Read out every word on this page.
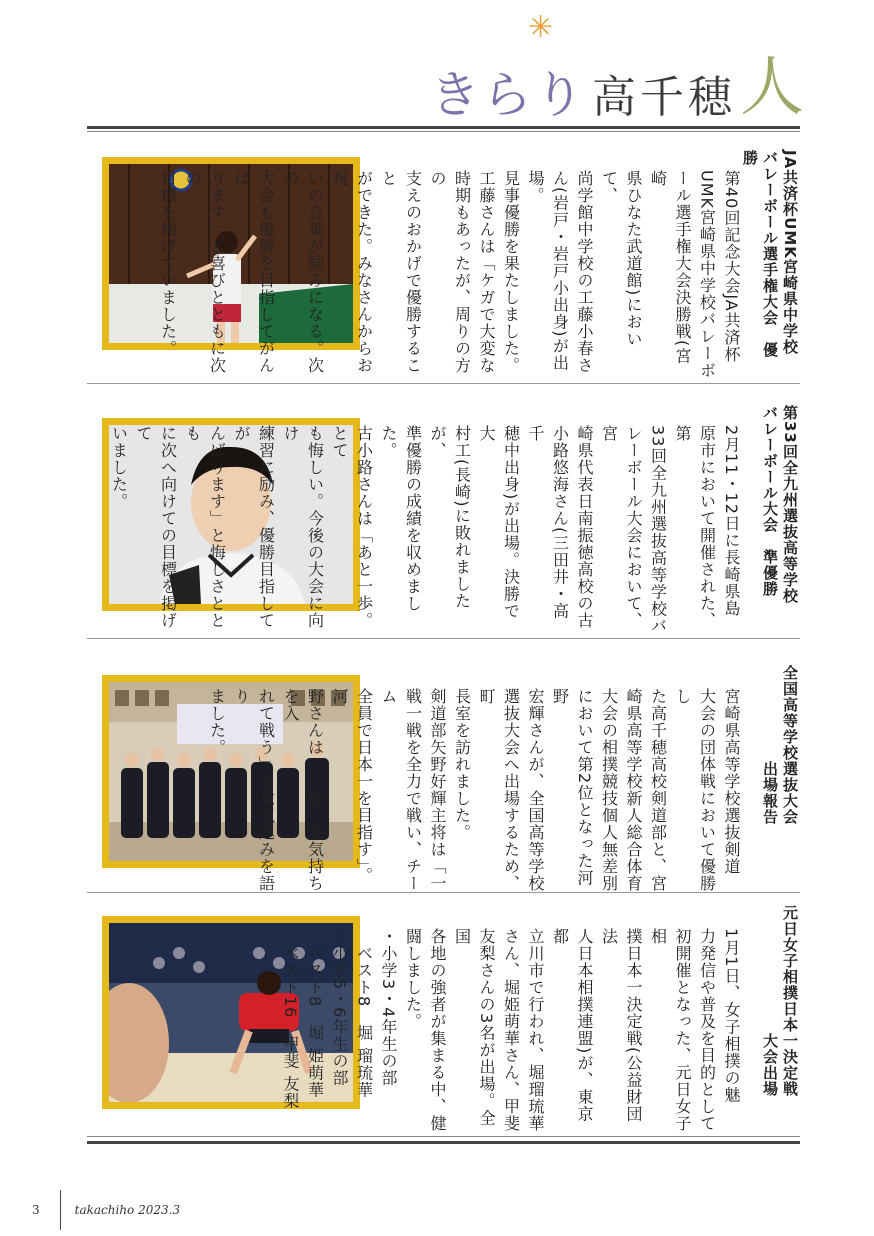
きらり 高千穂 人
✳
JA共済杯UMK宮崎県中学校
バレーボール選手権大会　優勝
第40回記念大会JA共済杯
UMK宮崎県中学校バレーボ
ール選手権大会決勝戦(宮崎
県ひなた武道館)において、
尚学館中学校の工藤小春さ
ん(岩戸・岩戸小出身)が出場。
見事優勝を果たしました。
工藤さんは「ケガで大変な
時期もあったが、周りの方の
支えのおかげで優勝すること
ができた。みなさんからお祝
いの言葉が励みになる。次の
大会も優勝を目指してがんば
ります」と喜びとともに次の
目標を掲げていました。
第33回全九州選抜高等学校
バレーボール大会　準優勝
2月11・12日に長崎県島
原市において開催された、第
33回全九州選抜高等学校バ
レーボール大会において、宮
崎県代表日南振徳高校の古
小路悠海さん(三田井・高千
穂中出身)が出場。決勝で大
村工(長崎)に敗れましたが、
準優勝の成績を収めました。
古小路さんは「あと一歩。とて
も悔しい。今後の大会に向け
練習に励み、優勝目指してが
んばります」と悔しさととも
に次へ向けての目標を掲げて
いました。
全国高等学校選抜大会
　　　　　　出場報告
宮崎県高等学校選抜剣道
大会の団体戦において優勝し
た高千穂高校剣道部と、宮
崎県高等学校新人総合体育
大会の相撲競技個人無差別
において第2位となった河野
宏輝さんが、全国高等学校
選抜大会へ出場するため、町
長室を訪れました。
剣道部矢野好輝主将は「一
戦一戦を全力で戦い、チーム
全員で日本一を目指す」。河
野さんは「一戦一戦気持ちを入
れて戦う」と意気込みを語り
ました。
元日女子相撲日本一決定戦
　　　　　　　　大会出場
1月1日、女子相撲の魅
力発信や普及を目的として
初開催となった、元日女子相
撲日本一決定戦(公益財団法
人日本相撲連盟)が、東京都
立川市で行われ、堀瑠琉華
さん、堀姫萌華さん、甲斐
友梨さんの3名が出場。全国
各地の強者が集まる中、健
闘しました。
・小学3・4年生の部
　ベスト8　堀 瑠琉華
・小学5・6年生の部
　ベスト8　堀 姫萌華
　ベスト16　甲斐 友梨
3	takachiho 2023.3
